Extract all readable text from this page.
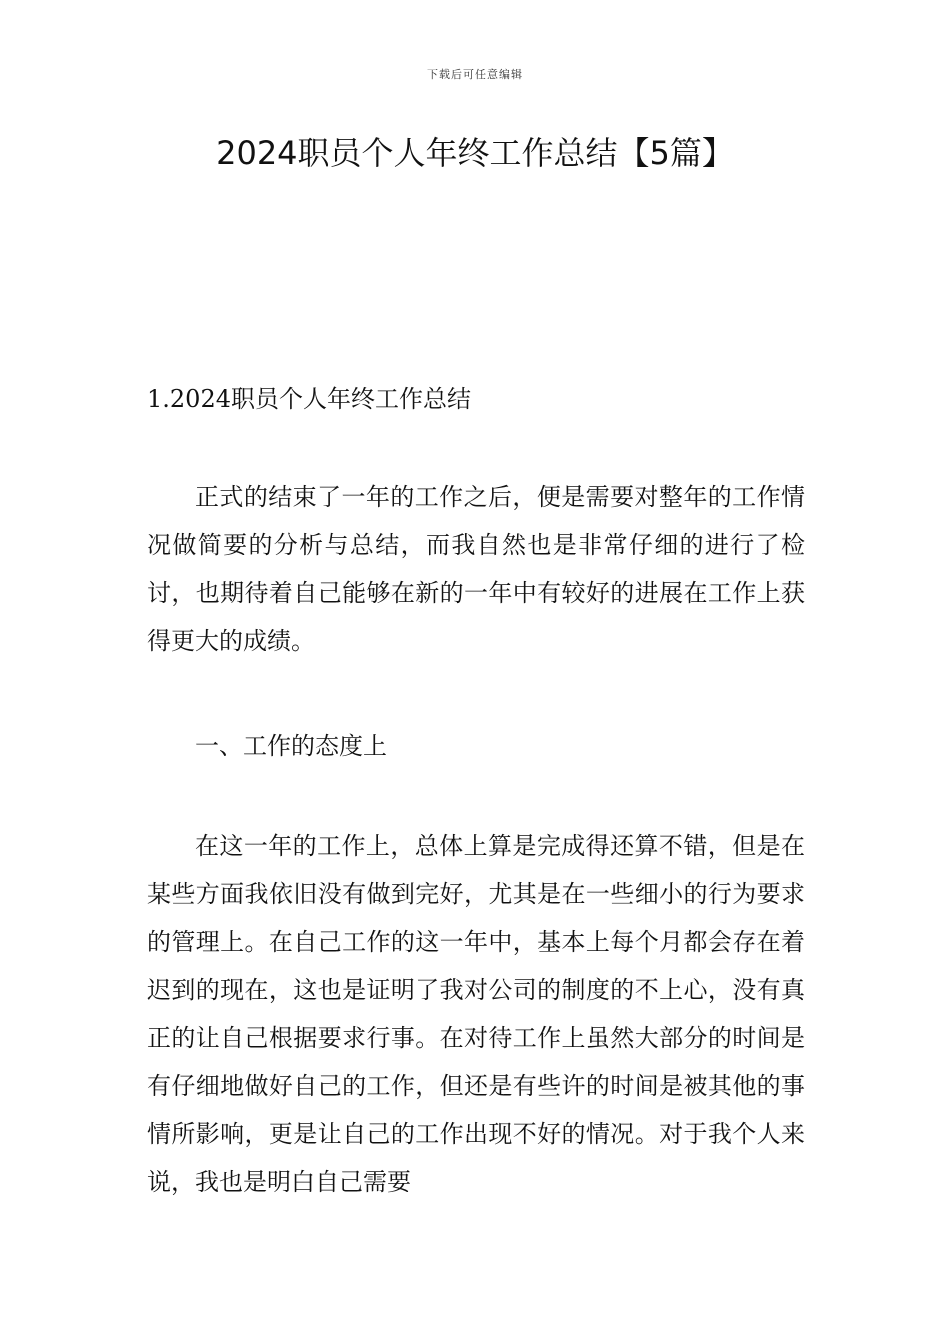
下载后可任意编辑
2024职员个人年终工作总结【5篇】

1.2024职员个人年终工作总结

正式的结束了一年的工作之后，便是需要对整年的工作情况做简要的分析与总结，而我自然也是非常仔细的进行了检讨，也期待着自己能够在新的一年中有较好的进展在工作上获得更大的成绩。

一、工作的态度上

在这一年的工作上，总体上算是完成得还算不错，但是在某些方面我依旧没有做到完好，尤其是在一些细小的行为要求的管理上。在自己工作的这一年中，基本上每个月都会存在着迟到的现在，这也是证明了我对公司的制度的不上心，没有真正的让自己根据要求行事。在对待工作上虽然大部分的时间是有仔细地做好自己的工作，但还是有些许的时间是被其他的事情所影响，更是让自己的工作出现不好的情况。对于我个人来说，我也是明白自己需要
